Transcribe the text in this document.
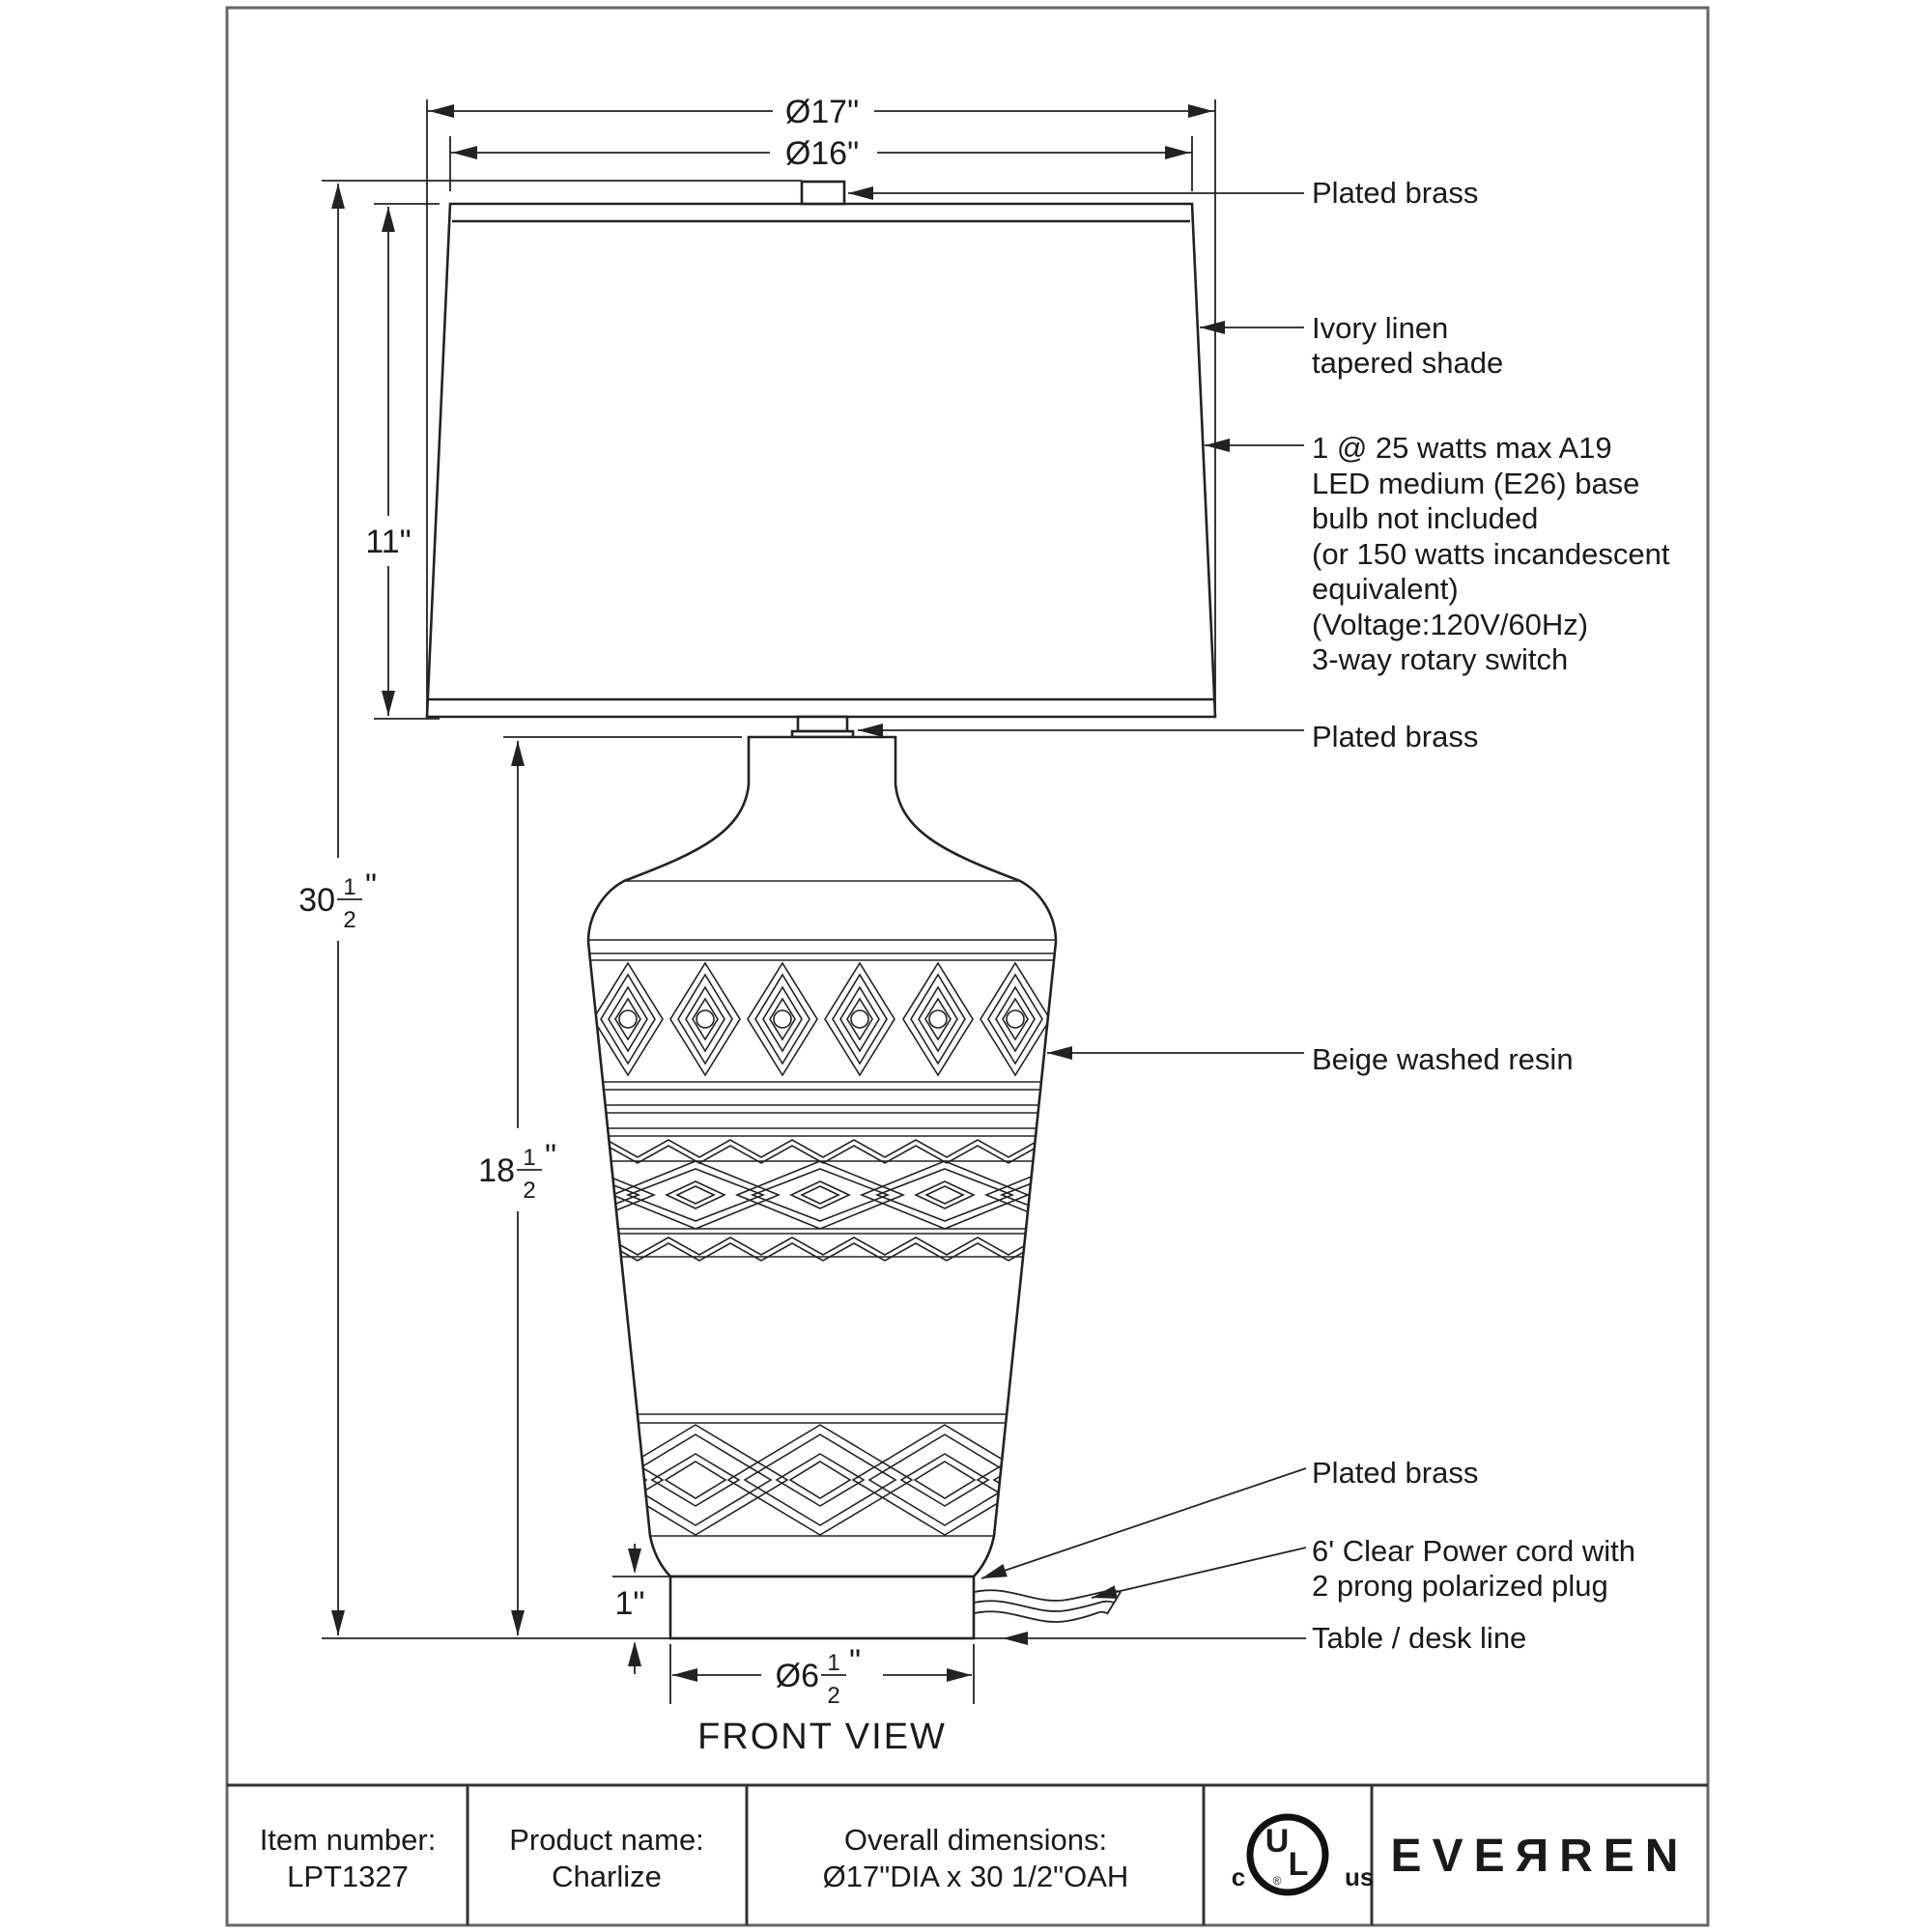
Ø17"
Ø16"
11"
30 1
2
"
18 1
2
"
1"
Ø6 1
2
"
Plated brass
Ivory linen
tapered shade
1 @ 25 watts max A19
LED medium (E26) base
bulb not included
(or 150 watts incandescent
equivalent)
(Voltage:120V/60Hz)
3-way rotary switch
Plated brass
Beige washed resin
Plated brass
6' Clear Power cord with
2 prong polarized plug
Table / desk line
FRONT VIEW
Item number:
LPT1327
Product name:
Charlize
Overall dimensions:
Ø17"DIA x 30 1/2"OAH
U
L
®
c	us EVEЯREN
